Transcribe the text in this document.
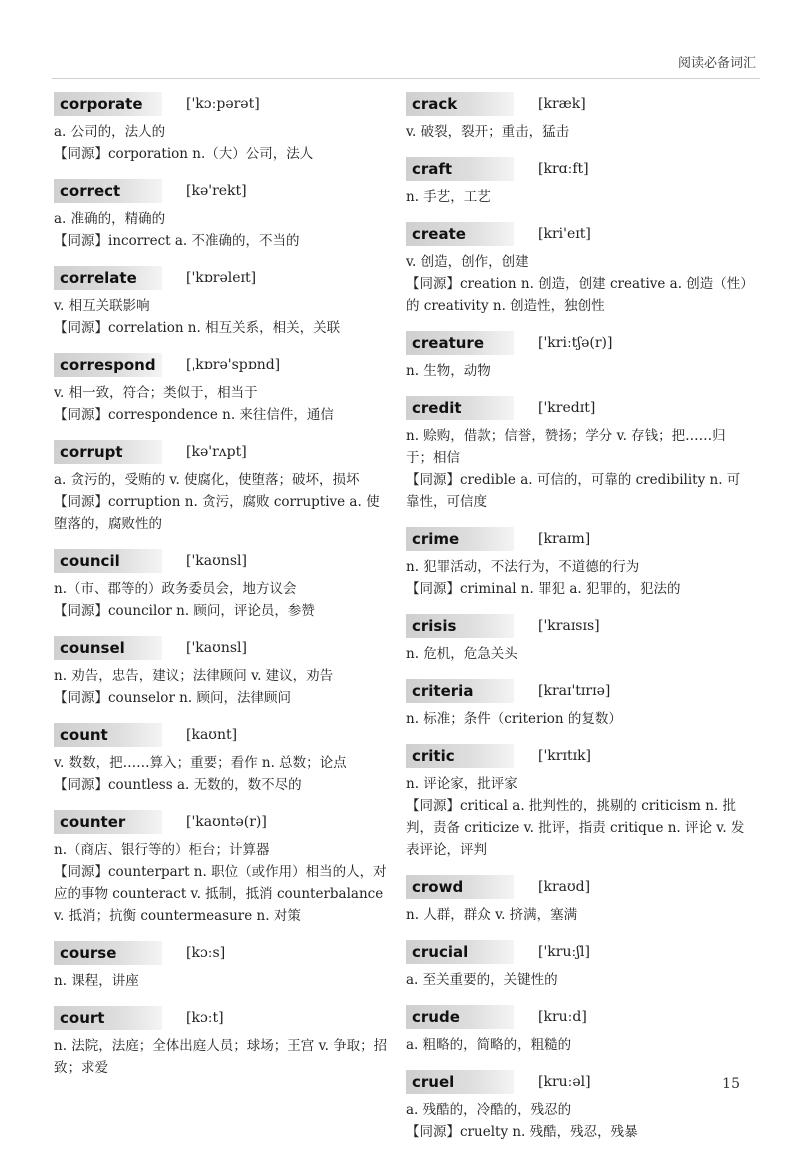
阅读必备词汇
corporate	['kɔːpərət]
a. 公司的，法人的
【同源】corporation n.（大）公司，法人
correct	[kə'rekt]
a. 准确的，精确的
【同源】incorrect a. 不准确的，不当的
correlate	['kɒrəleɪt]
v. 相互关联影响
【同源】correlation n. 相互关系，相关，关联
correspond	[ˌkɒrə'spɒnd]
v. 相一致，符合；类似于，相当于
【同源】correspondence n. 来往信件，通信
corrupt	[kə'rʌpt]
a. 贪污的，受贿的 v. 使腐化，使堕落；破坏，损坏
【同源】corruption n. 贪污，腐败 corruptive a. 使堕落的，腐败性的
council	['kaʊnsl]
n.（市、郡等的）政务委员会，地方议会
【同源】councilor n. 顾问，评论员，参赞
counsel	['kaʊnsl]
n. 劝告，忠告，建议；法律顾问 v. 建议，劝告
【同源】counselor n. 顾问，法律顾问
count	[kaʊnt]
v. 数数，把……算入；重要；看作 n. 总数；论点
【同源】countless a. 无数的，数不尽的
counter	['kaʊntə(r)]
n.（商店、银行等的）柜台；计算器
【同源】counterpart n. 职位（或作用）相当的人，对应的事物 counteract v. 抵制，抵消 counterbalance v. 抵消；抗衡 countermeasure n. 对策
course	[kɔːs]
n. 课程，讲座
court	[kɔːt]
n. 法院，法庭；全体出庭人员；球场；王宫 v. 争取；招致；求爱
crack	[kræk]
v. 破裂，裂开；重击，猛击
craft	[krɑːft]
n. 手艺，工艺
create	[kri'eɪt]
v. 创造，创作，创建
【同源】creation n. 创造，创建 creative a. 创造（性）的 creativity n. 创造性，独创性
creature	['kriːtʃə(r)]
n. 生物，动物
credit	['kredɪt]
n. 赊购，借款；信誉，赞扬；学分 v. 存钱；把……归于；相信
【同源】credible a. 可信的，可靠的 credibility n. 可靠性，可信度
crime	[kraɪm]
n. 犯罪活动，不法行为，不道德的行为
【同源】criminal n. 罪犯 a. 犯罪的，犯法的
crisis	['kraɪsɪs]
n. 危机，危急关头
criteria	[kraɪ'tɪrɪə]
n. 标准；条件（criterion 的复数）
critic	['krɪtɪk]
n. 评论家，批评家
【同源】critical a. 批判性的，挑剔的 criticism n. 批判，责备 criticize v. 批评，指责 critique n. 评论 v. 发表评论，评判
crowd	[kraʊd]
n. 人群，群众 v. 挤满，塞满
crucial	['kruːʃl]
a. 至关重要的，关键性的
crude	[kruːd]
a. 粗略的，简略的，粗糙的
cruel	[kruːəl]
a. 残酷的，冷酷的，残忍的
【同源】cruelty n. 残酷，残忍，残暴
15
